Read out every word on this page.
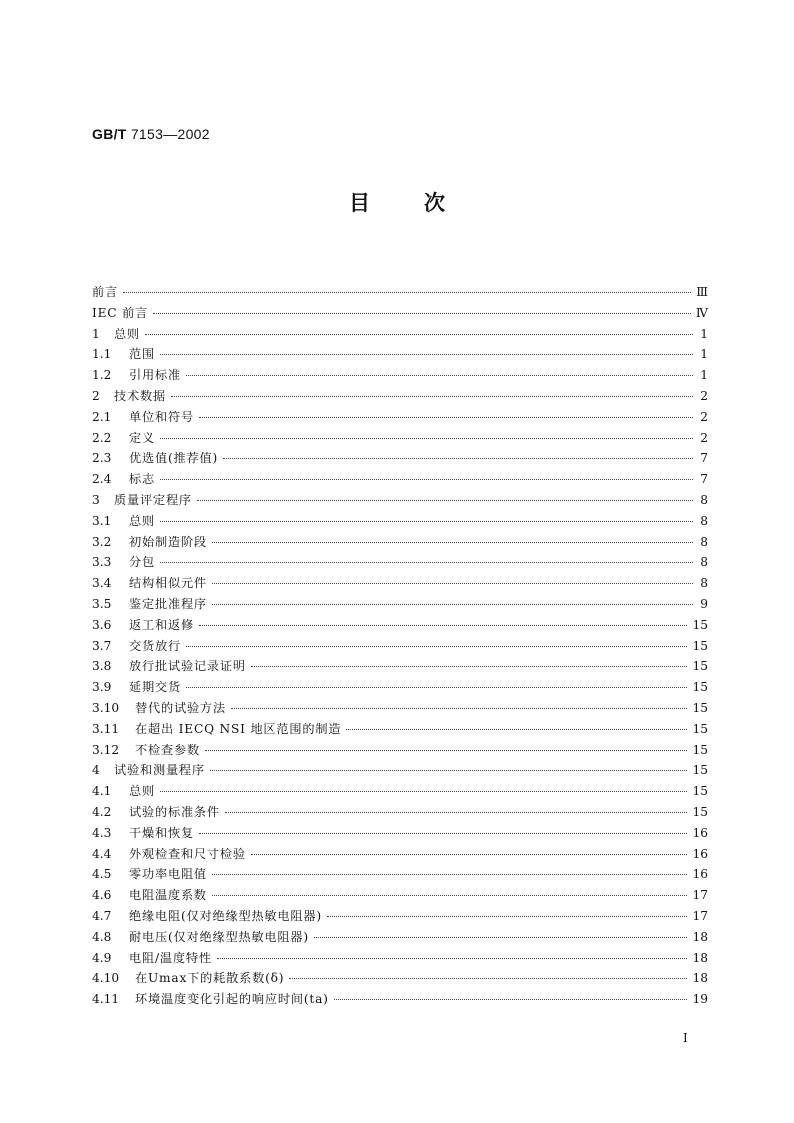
GB/T 7153—2002
目次
前言	Ⅲ
IEC 前言	Ⅳ
1	总则	1
1.1	范围	1
1.2	引用标准	1
2	技术数据	2
2.1	单位和符号	2
2.2	定义	2
2.3	优选值(推荐值)	7
2.4	标志	7
3	质量评定程序	8
3.1	总则	8
3.2	初始制造阶段	8
3.3	分包	8
3.4	结构相似元件	8
3.5	鉴定批准程序	9
3.6	返工和返修	15
3.7	交货放行	15
3.8	放行批试验记录证明	15
3.9	延期交货	15
3.10	替代的试验方法	15
3.11	在超出 IECQ NSI 地区范围的制造	15
3.12	不检查参数	15
4	试验和测量程序	15
4.1	总则	15
4.2	试验的标准条件	15
4.3	干燥和恢复	16
4.4	外观检查和尺寸检验	16
4.5	零功率电阻值	16
4.6	电阻温度系数	17
4.7	绝缘电阻(仅对绝缘型热敏电阻器)	17
4.8	耐电压(仅对绝缘型热敏电阻器)	18
4.9	电阻/温度特性	18
4.10	在Umax下的耗散系数(δ)	18
4.11	环境温度变化引起的响应时间(ta)	19
I
